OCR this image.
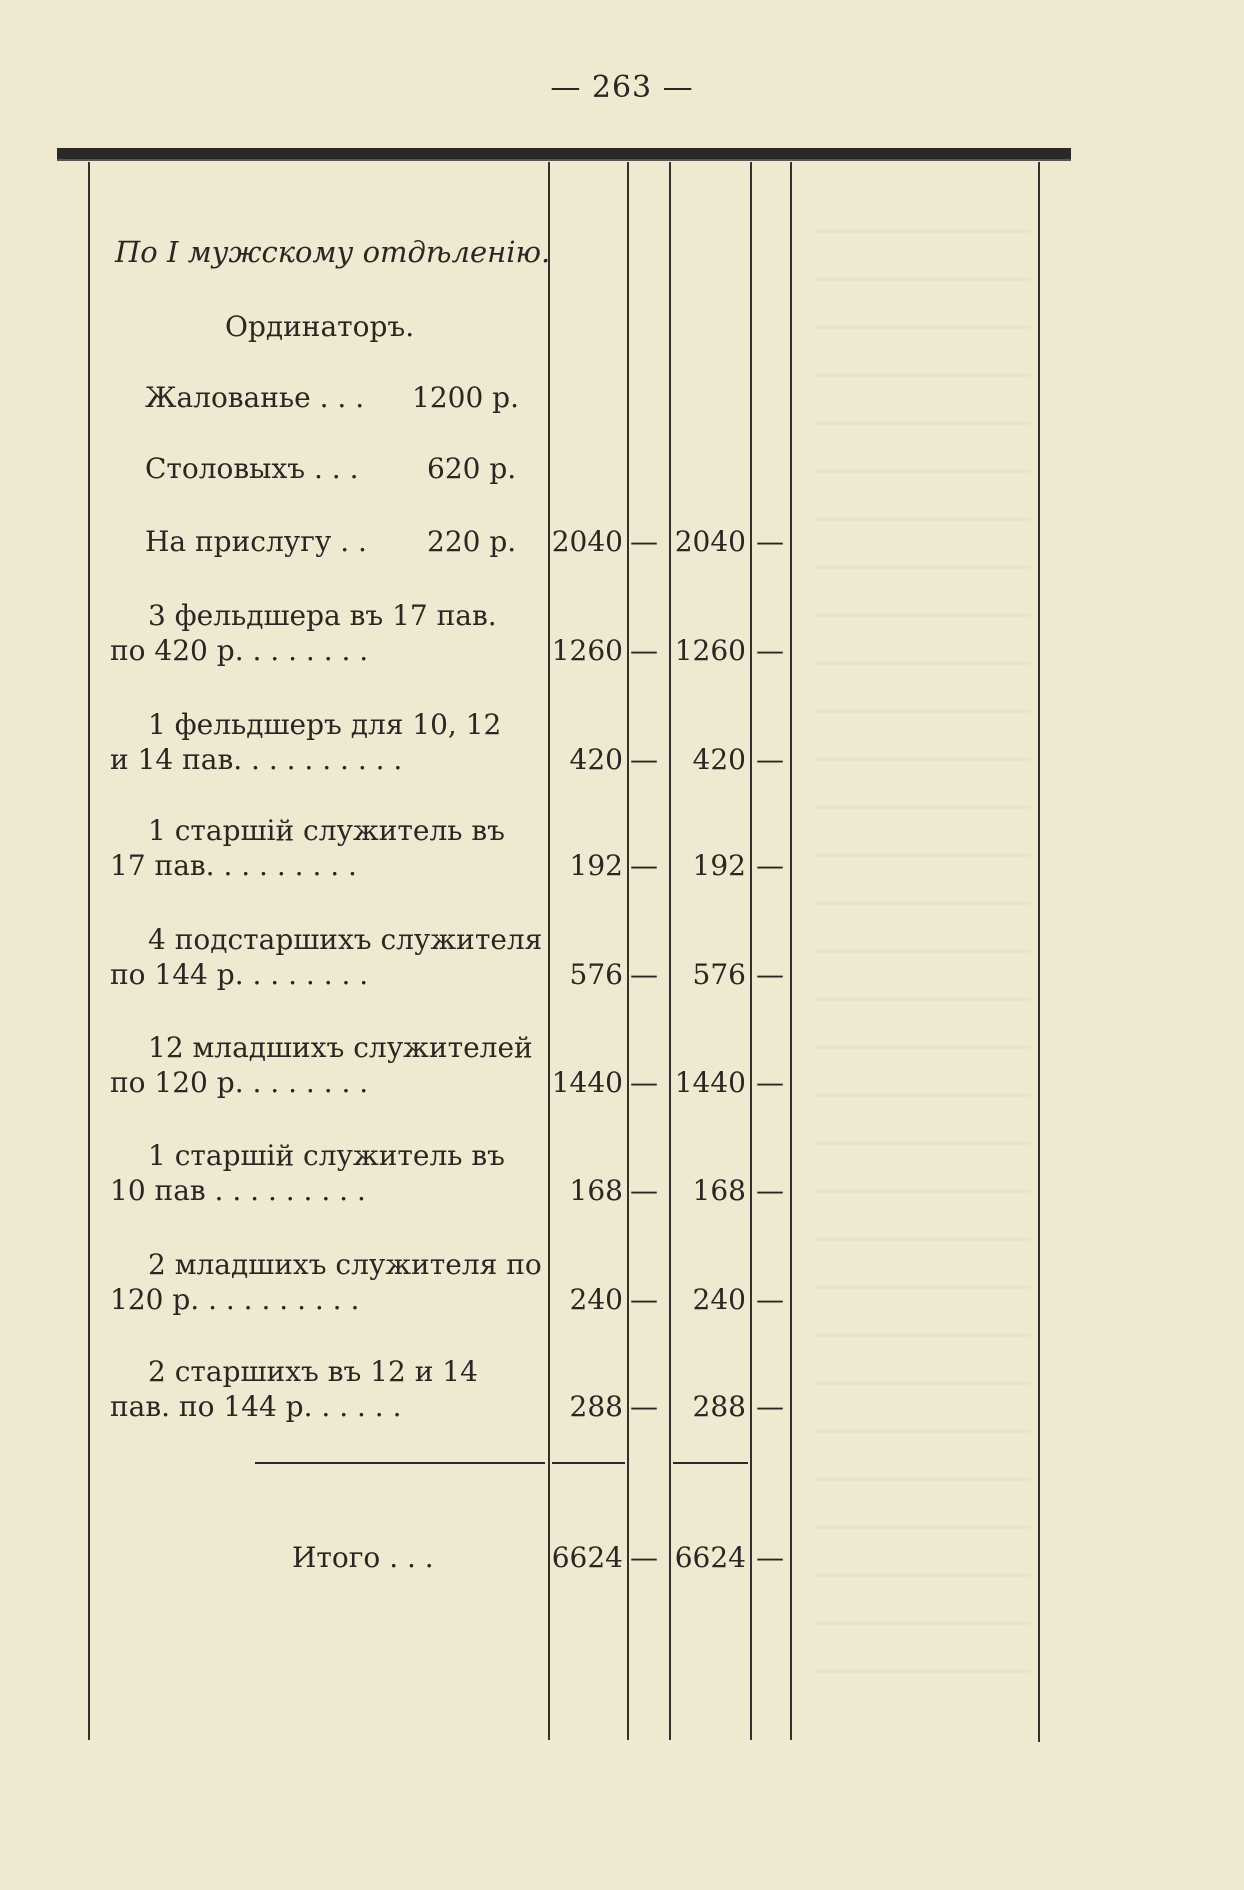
— 263 —
По I мужскому отдѣленію.
Ординаторъ.
Жалованье . . . 1200 р.
Столовыхъ . . . 620 р.
На прислугу . . 220 р. 2040 — 2040 —
3 фельдшера въ 17 пав.
по 420 р. . . . . . . .	1260 — 1260 —
1 фельдшеръ для 10, 12
и 14 пав. . . . . . . . . .	420 — 420 —
1 старшій служитель въ
17 пав. . . . . . . . .	192 — 192 —
4 подстаршихъ служителя
по 144 р. . . . . . . .	576 — 576 —
12 младшихъ служителей
по 120 р. . . . . . . .	1440 — 1440 —
1 старшій служитель въ
10 пав . . . . . . . . .	168 — 168 —
2 младшихъ служителя по
120 р. . . . . . . . . .	240 — 240 —
2 старшихъ въ 12 и 14
пав. по 144 р. . . . . .	288 — 288 —
Итого . . .	6624 — 6624 —
